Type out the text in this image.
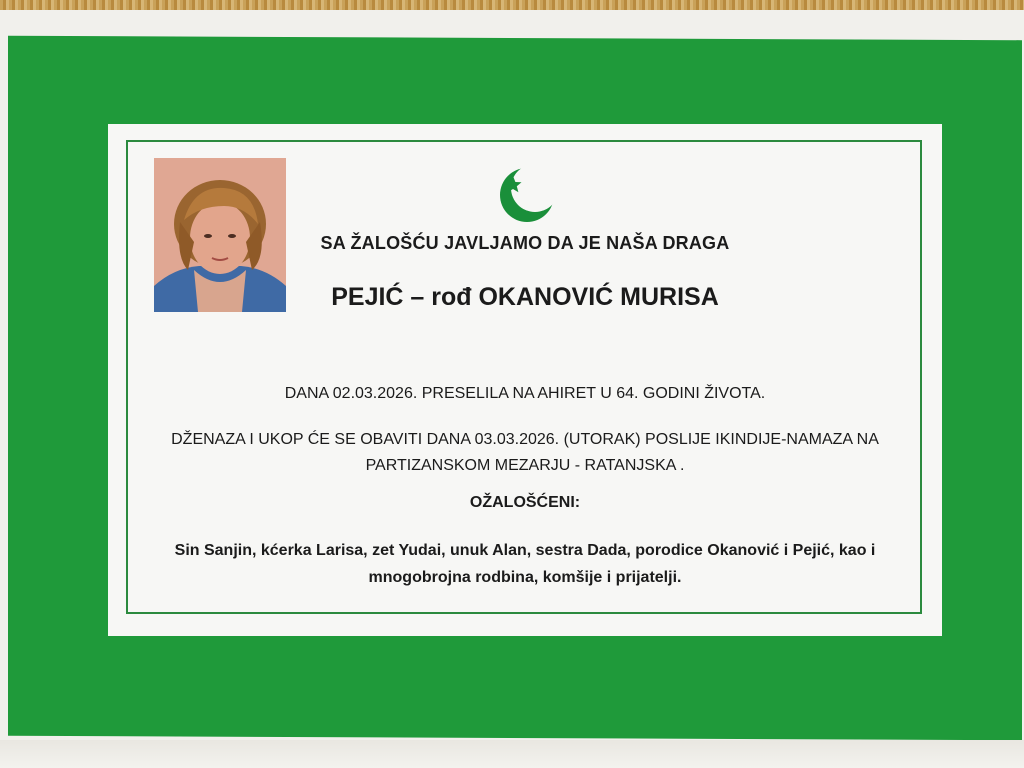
SA ŽALOŠĆU JAVLJAMO DA JE NAŠA DRAGA
PEJIĆ – rođ OKANOVIĆ MURISA
DANA 02.03.2026. PRESELILA NA AHIRET U 64. GODINI ŽIVOTA.
DŽENAZA I UKOP ĆE SE OBAVITI DANA 03.03.2026. (UTORAK) POSLIJE IKINDIJE-NAMAZA NA
PARTIZANSKOM MEZARJU - RATANJSKA .
OŽALOŠĆENI:
Sin Sanjin, kćerka Larisa, zet Yudai, unuk Alan, sestra Dada, porodice Okanović i Pejić, kao i
mnogobrojna rodbina, komšije i prijatelji.
